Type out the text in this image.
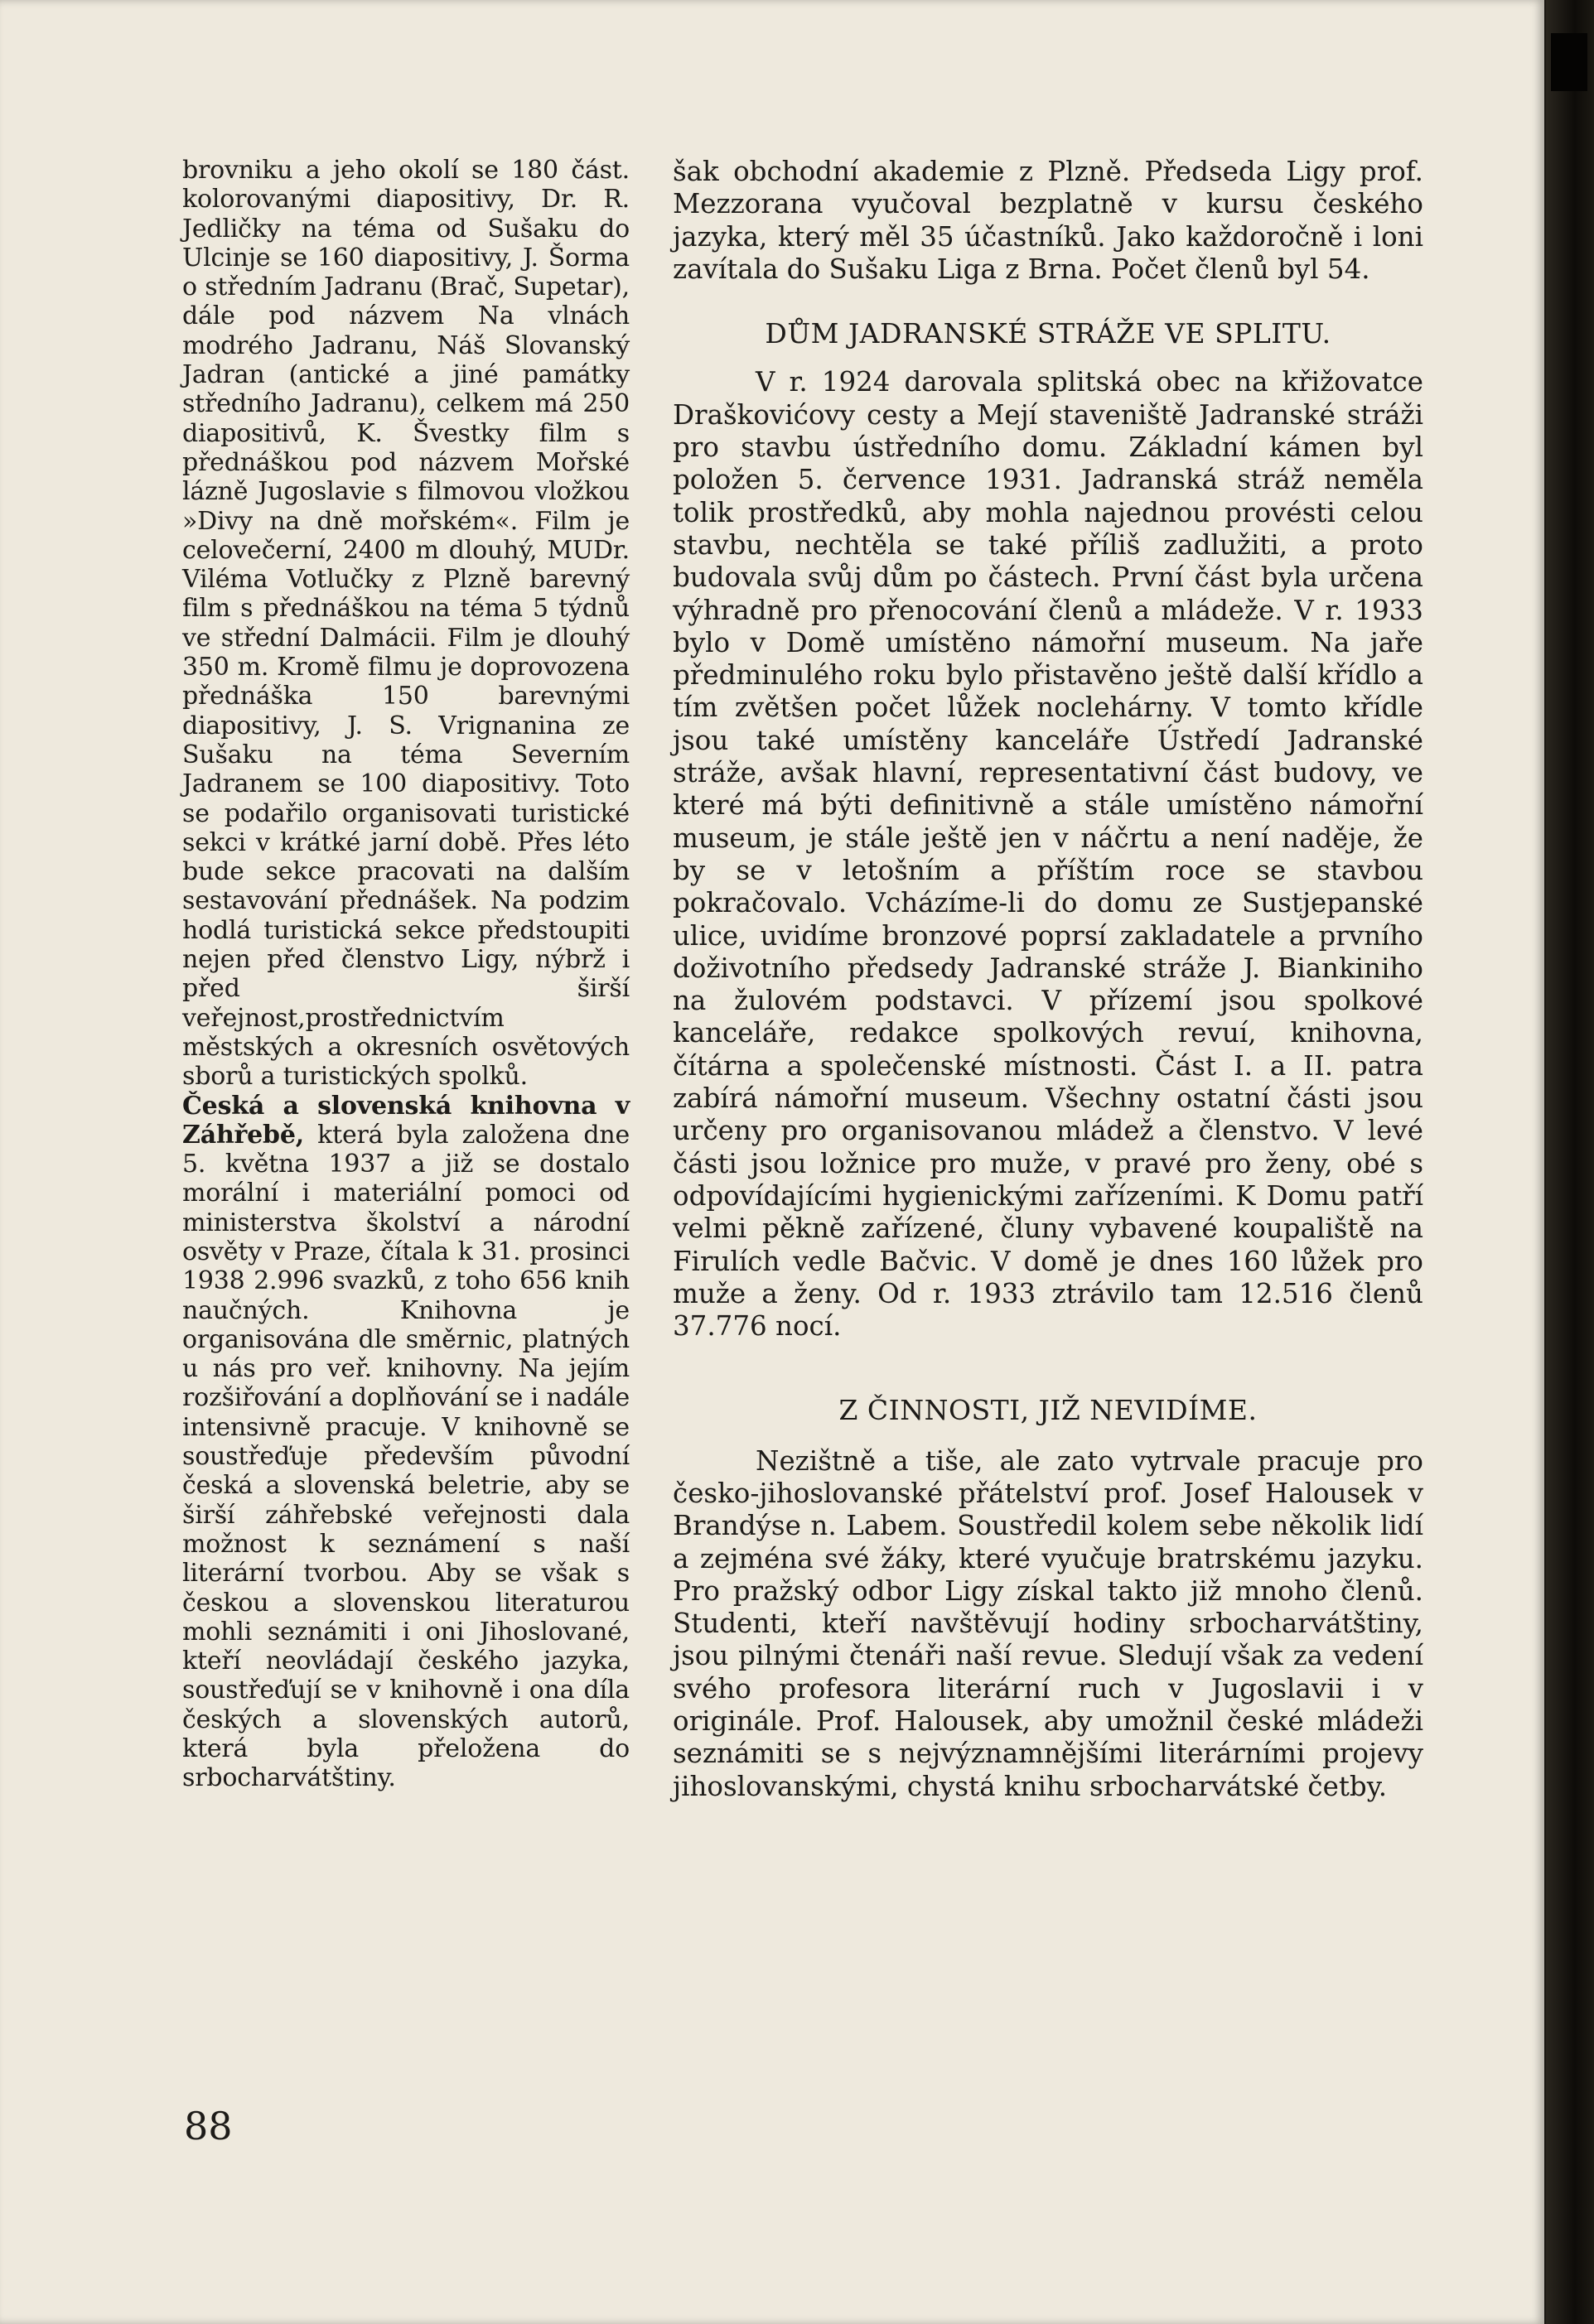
brovniku a jeho okolí se 180 část. kolorovanými diapositivy, Dr. R. Jedličky na téma od Sušaku do Ulcinje se 160 diapositivy, J. Šorma o středním Jadranu (Brač, Supetar), dále pod názvem Na vlnách modrého Jadranu, Náš Slovanský Jadran (antické a jiné památky středního Jadranu), celkem má 250 diapositivů, K. Švestky film s přednáškou pod názvem Mořské lázně Jugoslavie s filmovou vložkou »Divy na dně mořském«. Film je celovečerní, 2400 m dlouhý, MUDr. Viléma Votlučky z Plzně barevný film s přednáškou na téma 5 týdnů ve střední Dalmácii. Film je dlouhý 350 m. Kromě filmu je doprovozena přednáška 150 barevnými diapositivy, J. S. Vrignanina ze Sušaku na téma Severním Jadranem se 100 diapositivy. Toto se podařilo organisovati turistické sekci v krátké jarní době. Přes léto bude sekce pracovati na dalším sestavování přednášek. Na podzim hodlá turistická sekce předstoupiti nejen před členstvo Ligy, nýbrž i před širší veřejnost,prostřednictvím městských a okresních osvětových sborů a turistických spolků.

Česká a slovenská knihovna v Záhřebě, která byla založena dne 5. května 1937 a již se dostalo morální i materiální pomoci od ministerstva školství a národní osvěty v Praze, čítala k 31. prosinci 1938 2.996 svazků, z toho 656 knih naučných. Knihovna je organisována dle směrnic, platných u nás pro veř. knihovny. Na jejím rozšiřování a doplňování se i nadále intensivně pracuje. V knihovně se soustřeďuje především původní česká a slovenská beletrie, aby se širší záhřebské veřejnosti dala možnost k seznámení s naší literární tvorbou. Aby se však s českou a slovenskou literaturou mohli seznámiti i oni Jihoslované, kteří neovládají českého jazyka, soustřeďují se v knihovně i ona díla českých a slovenských autorů, která byla přeložena do srbocharvátštiny.

šak obchodní akademie z Plzně. Předseda Ligy prof. Mezzorana vyučoval bezplatně v kursu českého jazyka, který měl 35 účastníků. Jako každoročně i loni zavítala do Sušaku Liga z Brna. Počet členů byl 54.

DŮM JADRANSKÉ STRÁŽE VE SPLITU.

V r. 1924 darovala splitská obec na křižovatce Draškovićovy cesty a Mejí staveniště Jadranské stráži pro stavbu ústředního domu. Základní kámen byl položen 5. července 1931. Jadranská stráž neměla tolik prostředků, aby mohla najednou provésti celou stavbu, nechtěla se také příliš zadlužiti, a proto budovala svůj dům po částech. První část byla určena výhradně pro přenocování členů a mládeže. V r. 1933 bylo v Domě umístěno námořní museum. Na jaře předminulého roku bylo přistavěno ještě další křídlo a tím zvětšen počet lůžek noclehárny. V tomto křídle jsou také umístěny kanceláře Ústředí Jadranské stráže, avšak hlavní, representativní část budovy, ve které má býti definitivně a stále umístěno námořní museum, je stále ještě jen v náčrtu a není naděje, že by se v letošním a příštím roce se stavbou pokračovalo. Vcházíme-li do domu ze Sustjepanské ulice, uvidíme bronzové poprsí zakladatele a prvního doživotního předsedy Jadranské stráže J. Biankiniho na žulovém podstavci. V přízemí jsou spolkové kanceláře, redakce spolkových revuí, knihovna, čítárna a společenské místnosti. Část I. a II. patra zabírá námořní museum. Všechny ostatní části jsou určeny pro organisovanou mládež a členstvo. V levé části jsou ložnice pro muže, v pravé pro ženy, obé s odpovídajícími hygienickými zařízeními. K Domu patří velmi pěkně zařízené, čluny vybavené koupaliště na Firulích vedle Bačvic. V domě je dnes 160 lůžek pro muže a ženy. Od r. 1933 ztrávilo tam 12.516 členů 37.776 nocí.

Z ČINNOSTI, JIŽ NEVIDÍME.

Nezištně a tiše, ale zato vytrvale pracuje pro česko-jihoslovanské přátelství prof. Josef Halousek v Brandýse n. Labem. Soustředil kolem sebe několik lidí a zejména své žáky, které vyučuje bratrskému jazyku. Pro pražský odbor Ligy získal takto již mnoho členů. Studenti, kteří navštěvují hodiny srbocharvátštiny, jsou pilnými čtenáři naší revue. Sledují však za vedení svého profesora literární ruch v Jugoslavii i v originále. Prof. Halousek, aby umožnil české mládeži seznámiti se s nejvýznamnějšími literárními projevy jihoslovanskými, chystá knihu srbocharvátské četby.

88
